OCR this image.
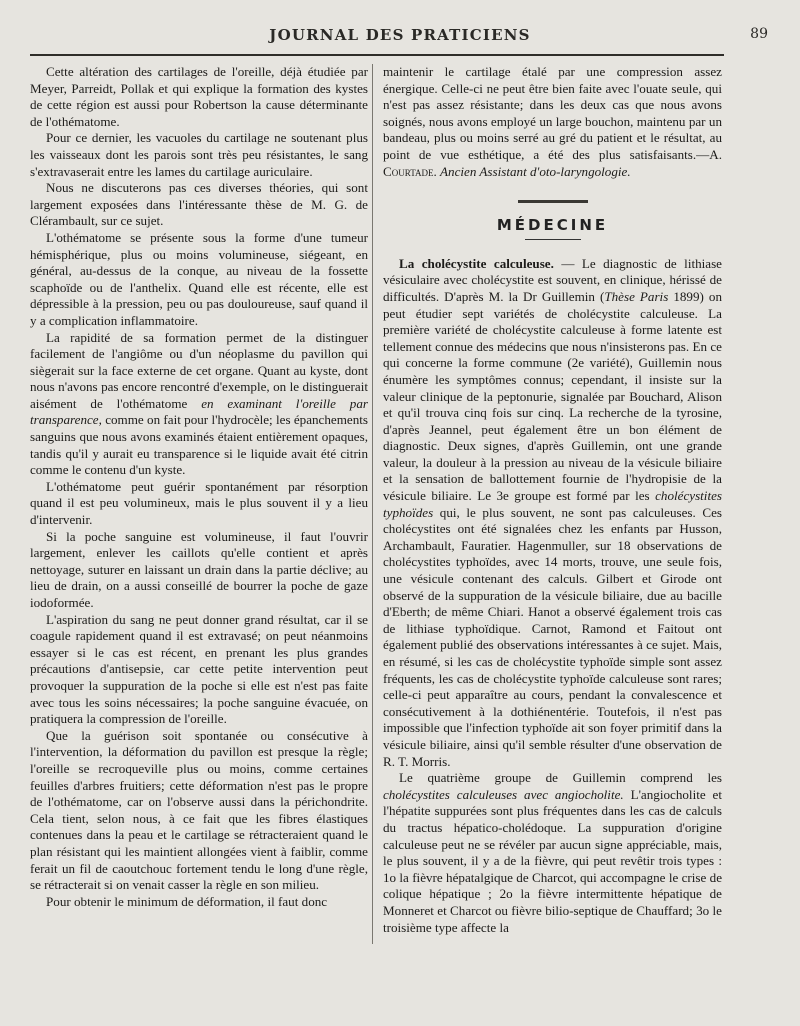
JOURNAL DES PRATICIENS	89

Cette altération des cartilages de l'oreille, déjà étudiée par Meyer, Parreidt, Pollak et qui explique la formation des kystes de cette région est aussi pour Robertson la cause déterminante de l'othématome.

Pour ce dernier, les vacuoles du cartilage ne soutenant plus les vaisseaux dont les parois sont très peu résistantes, le sang s'extravaserait entre les lames du cartilage auriculaire.

Nous ne discuterons pas ces diverses théories, qui sont largement exposées dans l'intéressante thèse de M. G. de Clérambault, sur ce sujet.

L'othématome se présente sous la forme d'une tumeur hémisphérique, plus ou moins volumineuse, siégeant, en général, au-dessus de la conque, au niveau de la fossette scaphoïde ou de l'anthelix. Quand elle est récente, elle est dépressible à la pression, peu ou pas douloureuse, sauf quand il y a complication inflammatoire.

La rapidité de sa formation permet de la distinguer facilement de l'angiôme ou d'un néoplasme du pavillon qui siègerait sur la face externe de cet organe. Quant au kyste, dont nous n'avons pas encore rencontré d'exemple, on le distinguerait aisément de l'othématome en examinant l'oreille par transparence, comme on fait pour l'hydrocèle; les épanchements sanguins que nous avons examinés étaient entièrement opaques, tandis qu'il y aurait eu transparence si le liquide avait été citrin comme le contenu d'un kyste.

L'othématome peut guérir spontanément par résorption quand il est peu volumineux, mais le plus souvent il y a lieu d'intervenir.

Si la poche sanguine est volumineuse, il faut l'ouvrir largement, enlever les caillots qu'elle contient et après nettoyage, suturer en laissant un drain dans la partie déclive; au lieu de drain, on a aussi conseillé de bourrer la poche de gaze iodoformée.

L'aspiration du sang ne peut donner grand résultat, car il se coagule rapidement quand il est extravasé; on peut néanmoins essayer si le cas est récent, en prenant les plus grandes précautions d'antisepsie, car cette petite intervention peut provoquer la suppuration de la poche si elle est n'est pas faite avec tous les soins nécessaires; la poche sanguine évacuée, on pratiquera la compression de l'oreille.

Que la guérison soit spontanée ou consécutive à l'intervention, la déformation du pavillon est presque la règle; l'oreille se recroqueville plus ou moins, comme certaines feuilles d'arbres fruitiers; cette déformation n'est pas le propre de l'othématome, car on l'observe aussi dans la périchondrite. Cela tient, selon nous, à ce fait que les fibres élastiques contenues dans la peau et le cartilage se rétracteraient quand le plan résistant qui les maintient allongées vient à faiblir, comme ferait un fil de caoutchouc fortement tendu le long d'une règle, se rétracterait si on venait casser la règle en son milieu.

Pour obtenir le minimum de déformation, il faut donc

maintenir le cartilage étalé par une compression assez énergique. Celle-ci ne peut être bien faite avec l'ouate seule, qui n'est pas assez résistante; dans les deux cas que nous avons soignés, nous avons employé un large bouchon, maintenu par un bandeau, plus ou moins serré au gré du patient et le résultat, au point de vue esthétique, a été des plus satisfaisants.—A. Courtade. Ancien Assistant d'oto-laryngologie.

MÉDECINE

La cholécystite calculeuse. — Le diagnostic de lithiase vésiculaire avec cholécystite est souvent, en clinique, hérissé de difficultés. D'après M. la Dr Guillemin (Thèse Paris 1899) on peut étudier sept variétés de cholécystite calculeuse. La première variété de cholécystite calculeuse à forme latente est tellement connue des médecins que nous n'insisterons pas. En ce qui concerne la forme commune (2e variété), Guillemin nous énumère les symptômes connus; cependant, il insiste sur la valeur clinique de la peptonurie, signalée par Bouchard, Alison et qu'il trouva cinq fois sur cinq. La recherche de la tyrosine, d'après Jeannel, peut également être un bon élément de diagnostic. Deux signes, d'après Guillemin, ont une grande valeur, la douleur à la pression au niveau de la vésicule biliaire et la sensation de ballottement fournie de l'hydropisie de la vésicule biliaire. Le 3e groupe est formé par les cholécystites typhoïdes qui, le plus souvent, ne sont pas calculeuses. Ces cholécystites ont été signalées chez les enfants par Husson, Archambault, Fauratier. Hagenmuller, sur 18 observations de cholécystites typhoïdes, avec 14 morts, trouve, une seule fois, une vésicule contenant des calculs. Gilbert et Girode ont observé de la suppuration de la vésicule biliaire, due au bacille d'Eberth; de même Chiari. Hanot a observé également trois cas de lithiase typhoïdique. Carnot, Ramond et Faitout ont également publié des observations intéressantes à ce sujet. Mais, en résumé, si les cas de cholécystite typhoïde simple sont assez fréquents, les cas de cholécystite typhoïde calculeuse sont rares; celle-ci peut apparaître au cours, pendant la convalescence et consécutivement à la dothiénentérie. Toutefois, il n'est pas impossible que l'infection typhoïde ait son foyer primitif dans la vésicule biliaire, ainsi qu'il semble résulter d'une observation de R. T. Morris.

Le quatrième groupe de Guillemin comprend les cholécystites calculeuses avec angiocholite. L'angiocholite et l'hépatite suppurées sont plus fréquentes dans les cas de calculs du tractus hépatico-cholédoque. La suppuration d'origine calculeuse peut ne se révéler par aucun signe appréciable, mais, le plus souvent, il y a de la fièvre, qui peut revêtir trois types : 1o la fièvre hépatalgique de Charcot, qui accompagne le crise de colique hépatique ; 2o la fièvre intermittente hépatique de Monneret et Charcot ou fièvre bilio-septique de Chauffard; 3o le troisième type affecte la
